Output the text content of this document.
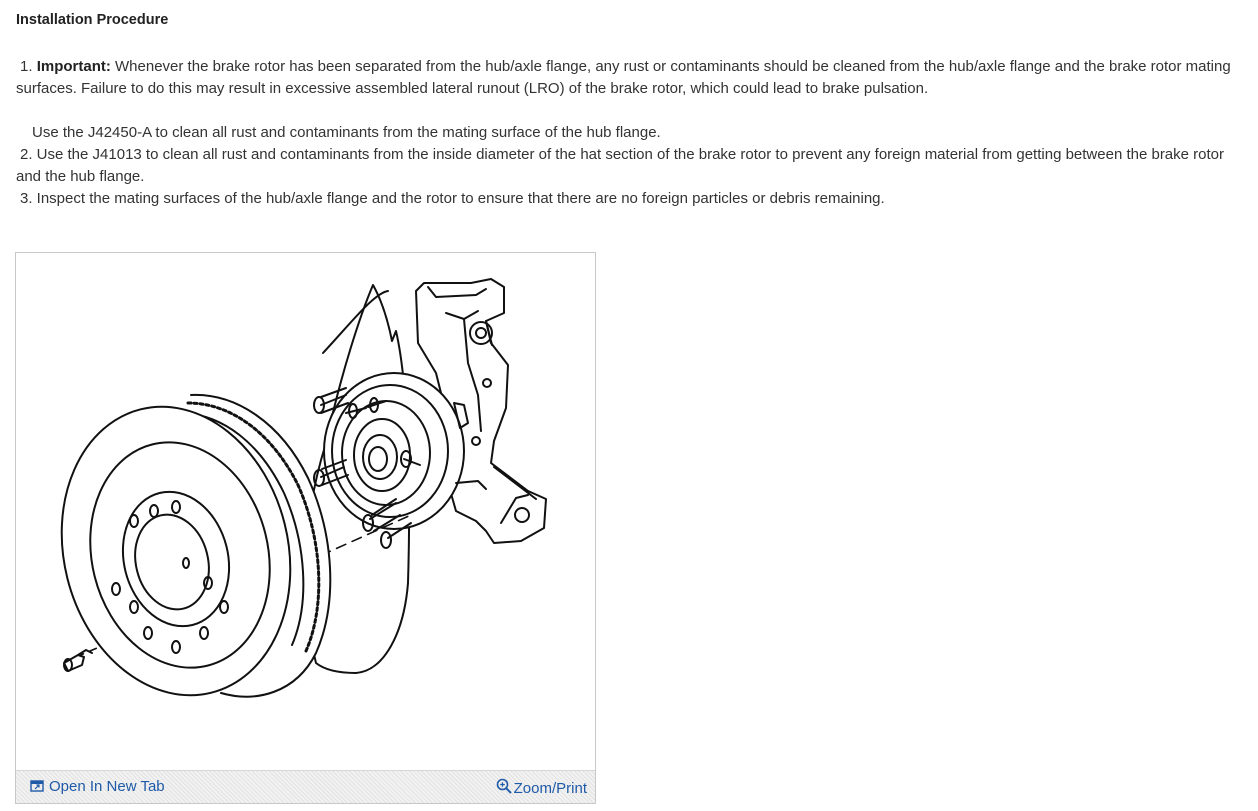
Installation Procedure
1. Important: Whenever the brake rotor has been separated from the hub/axle flange, any rust or contaminants should be cleaned from the hub/axle flange and the brake rotor mating surfaces. Failure to do this may result in excessive assembled lateral runout (LRO) of the brake rotor, which could lead to brake pulsation.
Use the J42450-A to clean all rust and contaminants from the mating surface of the hub flange.
2. Use the J41013 to clean all rust and contaminants from the inside diameter of the hat section of the brake rotor to prevent any foreign material from getting between the brake rotor and the hub flange.
3. Inspect the mating surfaces of the hub/axle flange and the rotor to ensure that there are no foreign particles or debris remaining.
Open In New Tab	Zoom/Print
